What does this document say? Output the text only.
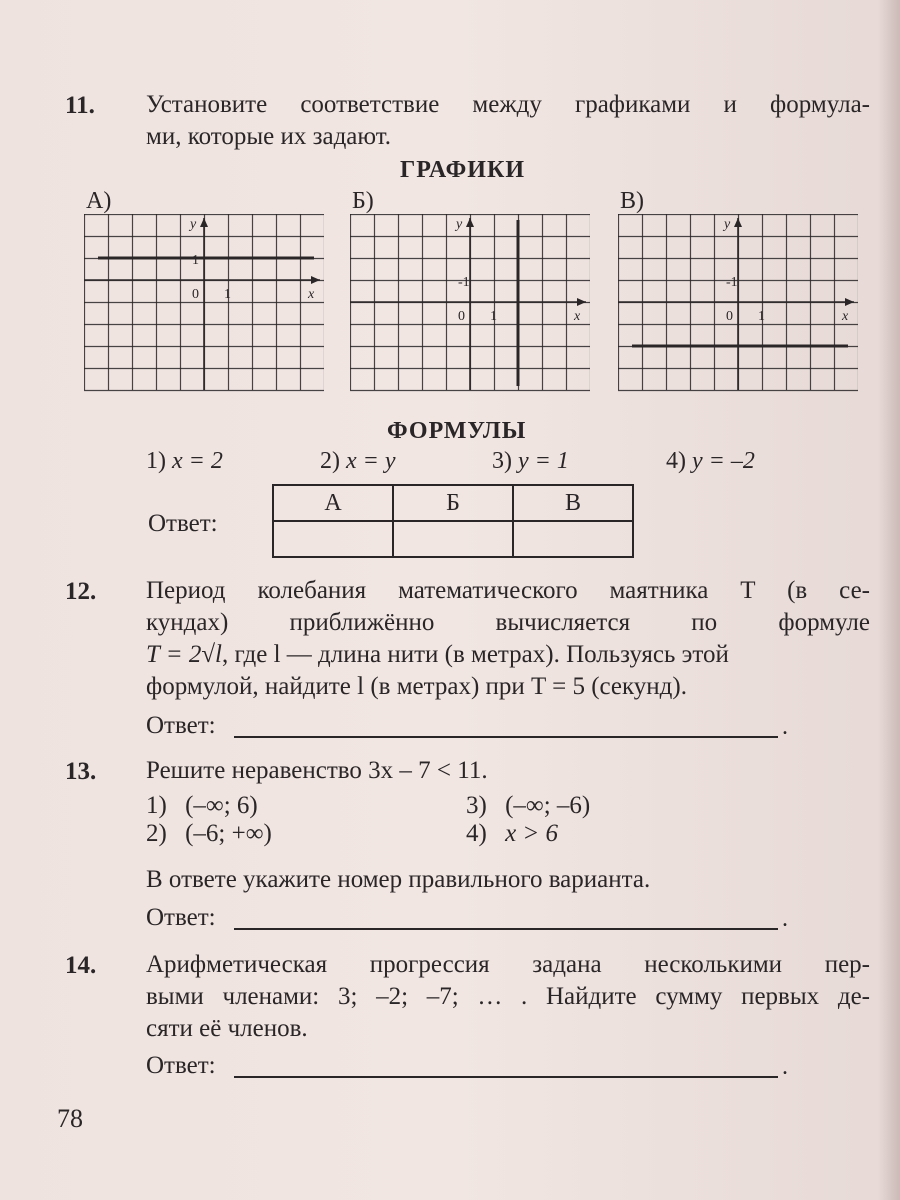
11. Установите соответствие между графиками и формула-
ми, которые их задают.
ГРАФИКИ
А)	Б)	В)
x
y
0 1
1
x
y
0 1
-1
x
y
0 1
-1
ФОРМУЛЫ
1) x = 2	2) x = y	3) y = 1	4) y = –2
Ответ:
А	Б	В

12. Период колебания математического маятника T (в се-
кундах) приближённо вычисляется по формуле
T = 2√l, где l — длина нити (в метрах). Пользуясь этой
формулой, найдите l (в метрах) при T = 5 (секунд).
Ответ:	.
13. Решите неравенство 3x – 7 < 11.
1) (–∞; 6)	3) (–∞; –6)
2) (–6; +∞)	4) x > 6
В ответе укажите номер правильного варианта.
Ответ:	.
14. Арифметическая прогрессия задана несколькими пер-
выми членами: 3; –2; –7; … . Найдите сумму первых де-
сяти её членов.
Ответ:	.
78
